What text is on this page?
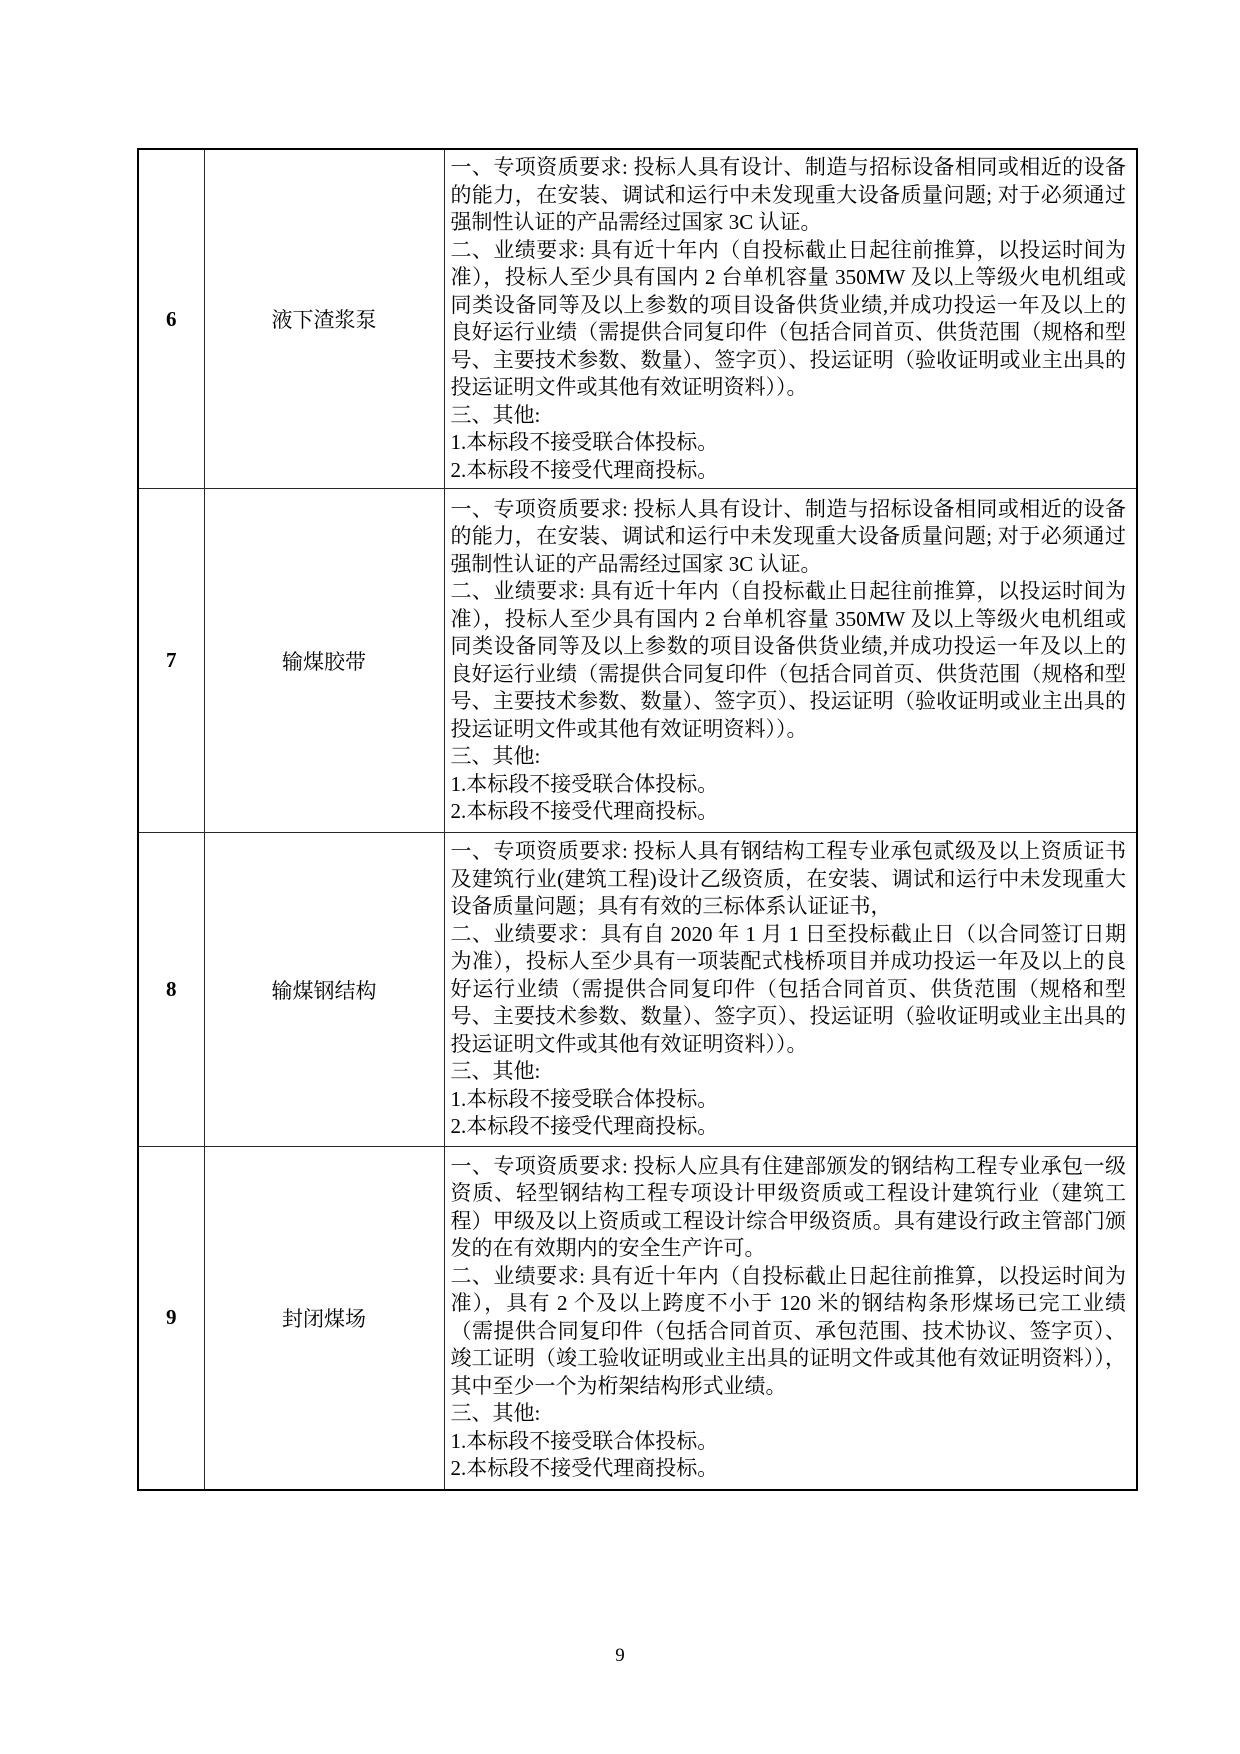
6	液下渣浆泵	一、专项资质要求: 投标人具有设计、制造与招标设备相同或相近的设备的能力，在安装、调试和运行中未发现重大设备质量问题; 对于必须通过强制性认证的产品需经过国家 3C 认证。
二、业绩要求: 具有近十年内（自投标截止日起往前推算，以投运时间为准），投标人至少具有国内 2 台单机容量 350MW 及以上等级火电机组或同类设备同等及以上参数的项目设备供货业绩,并成功投运一年及以上的良好运行业绩（需提供合同复印件（包括合同首页、供货范围（规格和型号、主要技术参数、数量）、签字页）、投运证明（验收证明或业主出具的投运证明文件或其他有效证明资料））。
三、其他:
1.本标段不接受联合体投标。
2.本标段不接受代理商投标。

7	输煤胶带	一、专项资质要求: 投标人具有设计、制造与招标设备相同或相近的设备的能力，在安装、调试和运行中未发现重大设备质量问题; 对于必须通过强制性认证的产品需经过国家 3C 认证。
二、业绩要求: 具有近十年内（自投标截止日起往前推算，以投运时间为准），投标人至少具有国内 2 台单机容量 350MW 及以上等级火电机组或同类设备同等及以上参数的项目设备供货业绩,并成功投运一年及以上的良好运行业绩（需提供合同复印件（包括合同首页、供货范围（规格和型号、主要技术参数、数量）、签字页）、投运证明（验收证明或业主出具的投运证明文件或其他有效证明资料））。
三、其他:
1.本标段不接受联合体投标。
2.本标段不接受代理商投标。

8	输煤钢结构	一、专项资质要求: 投标人具有钢结构工程专业承包贰级及以上资质证书及建筑行业(建筑工程)设计乙级资质，在安装、调试和运行中未发现重大设备质量问题；具有有效的三标体系认证证书，
二、业绩要求：具有自 2020 年 1 月 1 日至投标截止日（以合同签订日期为准），投标人至少具有一项装配式栈桥项目并成功投运一年及以上的良好运行业绩（需提供合同复印件（包括合同首页、供货范围（规格和型号、主要技术参数、数量）、签字页）、投运证明（验收证明或业主出具的投运证明文件或其他有效证明资料））。
三、其他:
1.本标段不接受联合体投标。
2.本标段不接受代理商投标。

9	封闭煤场	一、专项资质要求: 投标人应具有住建部颁发的钢结构工程专业承包一级资质、轻型钢结构工程专项设计甲级资质或工程设计建筑行业（建筑工程）甲级及以上资质或工程设计综合甲级资质。具有建设行政主管部门颁发的在有效期内的安全生产许可。
二、业绩要求: 具有近十年内（自投标截止日起往前推算，以投运时间为准），具有 2 个及以上跨度不小于 120 米的钢结构条形煤场已完工业绩（需提供合同复印件（包括合同首页、承包范围、技术协议、签字页）、竣工证明（竣工验收证明或业主出具的证明文件或其他有效证明资料）），其中至少一个为桁架结构形式业绩。
三、其他:
1.本标段不接受联合体投标。
2.本标段不接受代理商投标。
9
